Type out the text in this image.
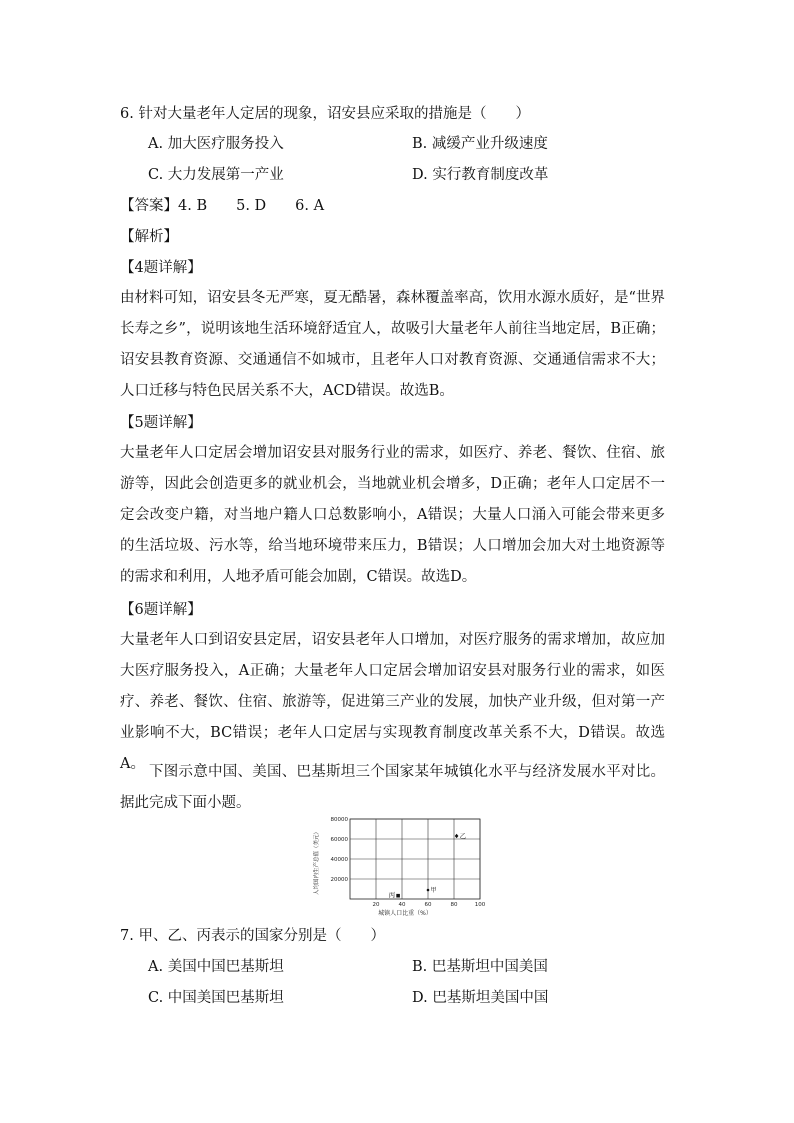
6. 针对大量老年人定居的现象，诏安县应采取的措施是（　　）
A. 加大医疗服务投入	B. 减缓产业升级速度
C. 大力发展第一产业	D. 实行教育制度改革
【答案】4. B　　5. D　　6. A
【解析】
【4题详解】
由材料可知，诏安县冬无严寒，夏无酷暑，森林覆盖率高，饮用水源水质好，是“世界长寿之乡”，说明该地生活环境舒适宜人，故吸引大量老年人前往当地定居，B正确；诏安县教育资源、交通通信不如城市，且老年人口对教育资源、交通通信需求不大；人口迁移与特色民居关系不大，ACD错误。故选B。
【5题详解】
大量老年人口定居会增加诏安县对服务行业的需求，如医疗、养老、餐饮、住宿、旅游等，因此会创造更多的就业机会，当地就业机会增多，D正确；老年人口定居不一定会改变户籍，对当地户籍人口总数影响小，A错误；大量人口涌入可能会带来更多的生活垃圾、污水等，给当地环境带来压力，B错误；人口增加会加大对土地资源等的需求和利用，人地矛盾可能会加剧，C错误。故选D。
【6题详解】
大量老年人口到诏安县定居，诏安县老年人口增加，对医疗服务的需求增加，故应加大医疗服务投入，A正确；大量老年人口定居会增加诏安县对服务行业的需求，如医疗、养老、餐饮、住宿、旅游等，促进第三产业的发展，加快产业升级，但对第一产业影响不大，BC错误；老年人口定居与实现教育制度改革关系不大，D错误。故选A。 下图示意中国、美国、巴基斯坦三个国家某年城镇化水平与经济发展水平对比。据此完成下面小题。
20000
40000
60000
80000
20	40	60	80	100
乙
甲
丙
人均国内生产总值（美元）
城镇人口比重（%）
7. 甲、乙、丙表示的国家分别是（　　）
A. 美国中国巴基斯坦	B. 巴基斯坦中国美国
C. 中国美国巴基斯坦	D. 巴基斯坦美国中国
